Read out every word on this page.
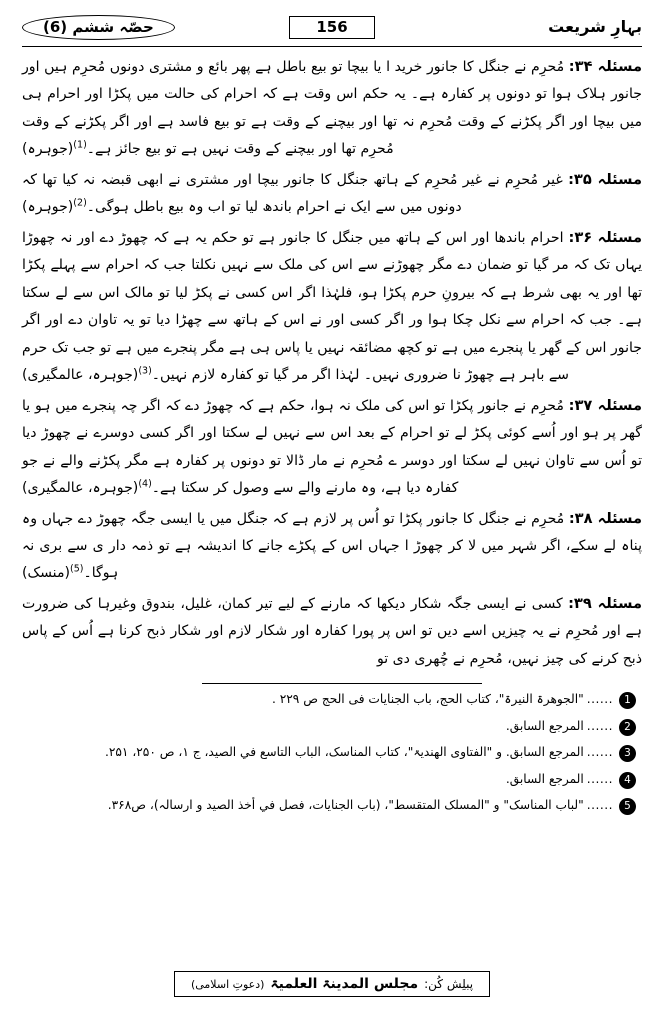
حصّہ ششم (6)	156	بہارِ شریعت

مسئلہ ۳۴: مُحرِم نے جنگل کا جانور خرید ا یا بیچا تو بیع باطل ہے پھر بائع و مشتری دونوں مُحرِم ہیں اور جانور ہلاک ہوا تو دونوں پر کفارہ ہے۔ یہ حکم اس وقت ہے کہ احرام کی حالت میں پکڑا اور احرام ہی میں بیچا اور اگر پکڑنے کے وقت مُحرِم نہ تھا اور بیچنے کے وقت ہے تو بیع فاسد ہے اور اگر پکڑنے کے وقت مُحرِم تھا اور بیچنے کے وقت نہیں ہے تو بیع جائز ہے۔$^{(1)}$(جوہرہ)

مسئلہ ۳۵: غیر مُحرِم نے غیر مُحرِم کے ہاتھ جنگل کا جانور بیچا اور مشتری نے ابھی قبضہ نہ کیا تھا کہ دونوں میں سے ایک نے احرام باندھ لیا تو اب وہ بیع باطل ہوگی۔$^{(2)}$(جوہرہ)

مسئلہ ۳۶: احرام باندھا اور اس کے ہاتھ میں جنگل کا جانور ہے تو حکم یہ ہے کہ چھوڑ دے اور نہ چھوڑا یہاں تک کہ مر گیا تو ضمان دے مگر چھوڑنے سے اس کی ملک سے نہیں نکلتا جب کہ احرام سے پہلے پکڑا تھا اور یہ بھی شرط ہے کہ بیرونِ حرم پکڑا ہو، فلہٰذا اگر اس کسی نے پکڑ لیا تو مالک اس سے لے سکتا ہے۔ جب کہ احرام سے نکل چکا ہوا ور اگر کسی اور نے اس کے ہاتھ سے چھڑا دیا تو یہ تاوان دے اور اگر جانور اس کے گھر یا پنجرے میں ہے تو کچھ مضائقہ نہیں یا پاس ہی ہے مگر پنجرے میں ہے تو جب تک حرم سے باہر ہے چھوڑ نا ضروری نہیں۔ لہٰذا اگر مر گیا تو کفارہ لازم نہیں۔$^{(3)}$(جوہرہ، عالمگیری)

مسئلہ ۳۷: مُحرِم نے جانور پکڑا تو اس کی ملک نہ ہوا، حکم ہے کہ چھوڑ دے کہ اگر چہ پنجرے میں ہو یا گھر پر ہو اور اُسے کوئی پکڑ لے تو احرام کے بعد اس سے نہیں لے سکتا اور اگر کسی دوسرے نے چھوڑ دیا تو اُس سے تاوان نہیں لے سکتا اور دوسر ے مُحرِم نے مار ڈالا تو دونوں پر کفارہ ہے مگر پکڑنے والے نے جو کفارہ دیا ہے، وہ مارنے والے سے وصول کر سکتا ہے۔$^{(4)}$(جوہرہ، عالمگیری)

مسئلہ ۳۸: مُحرِم نے جنگل کا جانور پکڑا تو اُس پر لازم ہے کہ جنگل میں یا ایسی جگہ چھوڑ دے جہاں وہ پناہ لے سکے، اگر شہر میں لا کر چھوڑ ا جہاں اس کے پکڑے جانے کا اندیشہ ہے تو ذمہ دار ی سے بری نہ ہوگا۔$^{(5)}$(منسک)

مسئلہ ۳۹: کسی نے ایسی جگہ شکار دیکھا کہ مارنے کے لیے تیر کمان، غلیل، بندوق وغیرہا کی ضرورت ہے اور مُحرِم نے یہ چیزیں اسے دیں تو اس پر پورا کفارہ اور شکار لازم اور شکار ذبح کرنا ہے اُس کے پاس ذبح کرنے کی چیز نہیں، مُحرِم نے چُھری دی تو

1
......
"الجوهرۃ النیرۃ"، کتاب الحج، باب الجنایات فی الحج ص ۲۲۹ .
2
......
المرجع السابق.
3
......
المرجع السابق. و "الفتاوی الھندیۃ"، کتاب المناسک، الباب التاسع في الصید، ج ۱، ص ۲۵۰، ۲۵۱.
4
......
المرجع السابق.
5
......
"لباب المناسک" و "المسلک المتقسط"، (باب الجنایات، فصل في أخذ الصید و ارسالہ)، ص۳۶۸.
پبلِش کُن:
مجلس المدینۃ العلمیۃ
(دعوتِ اسلامی)
